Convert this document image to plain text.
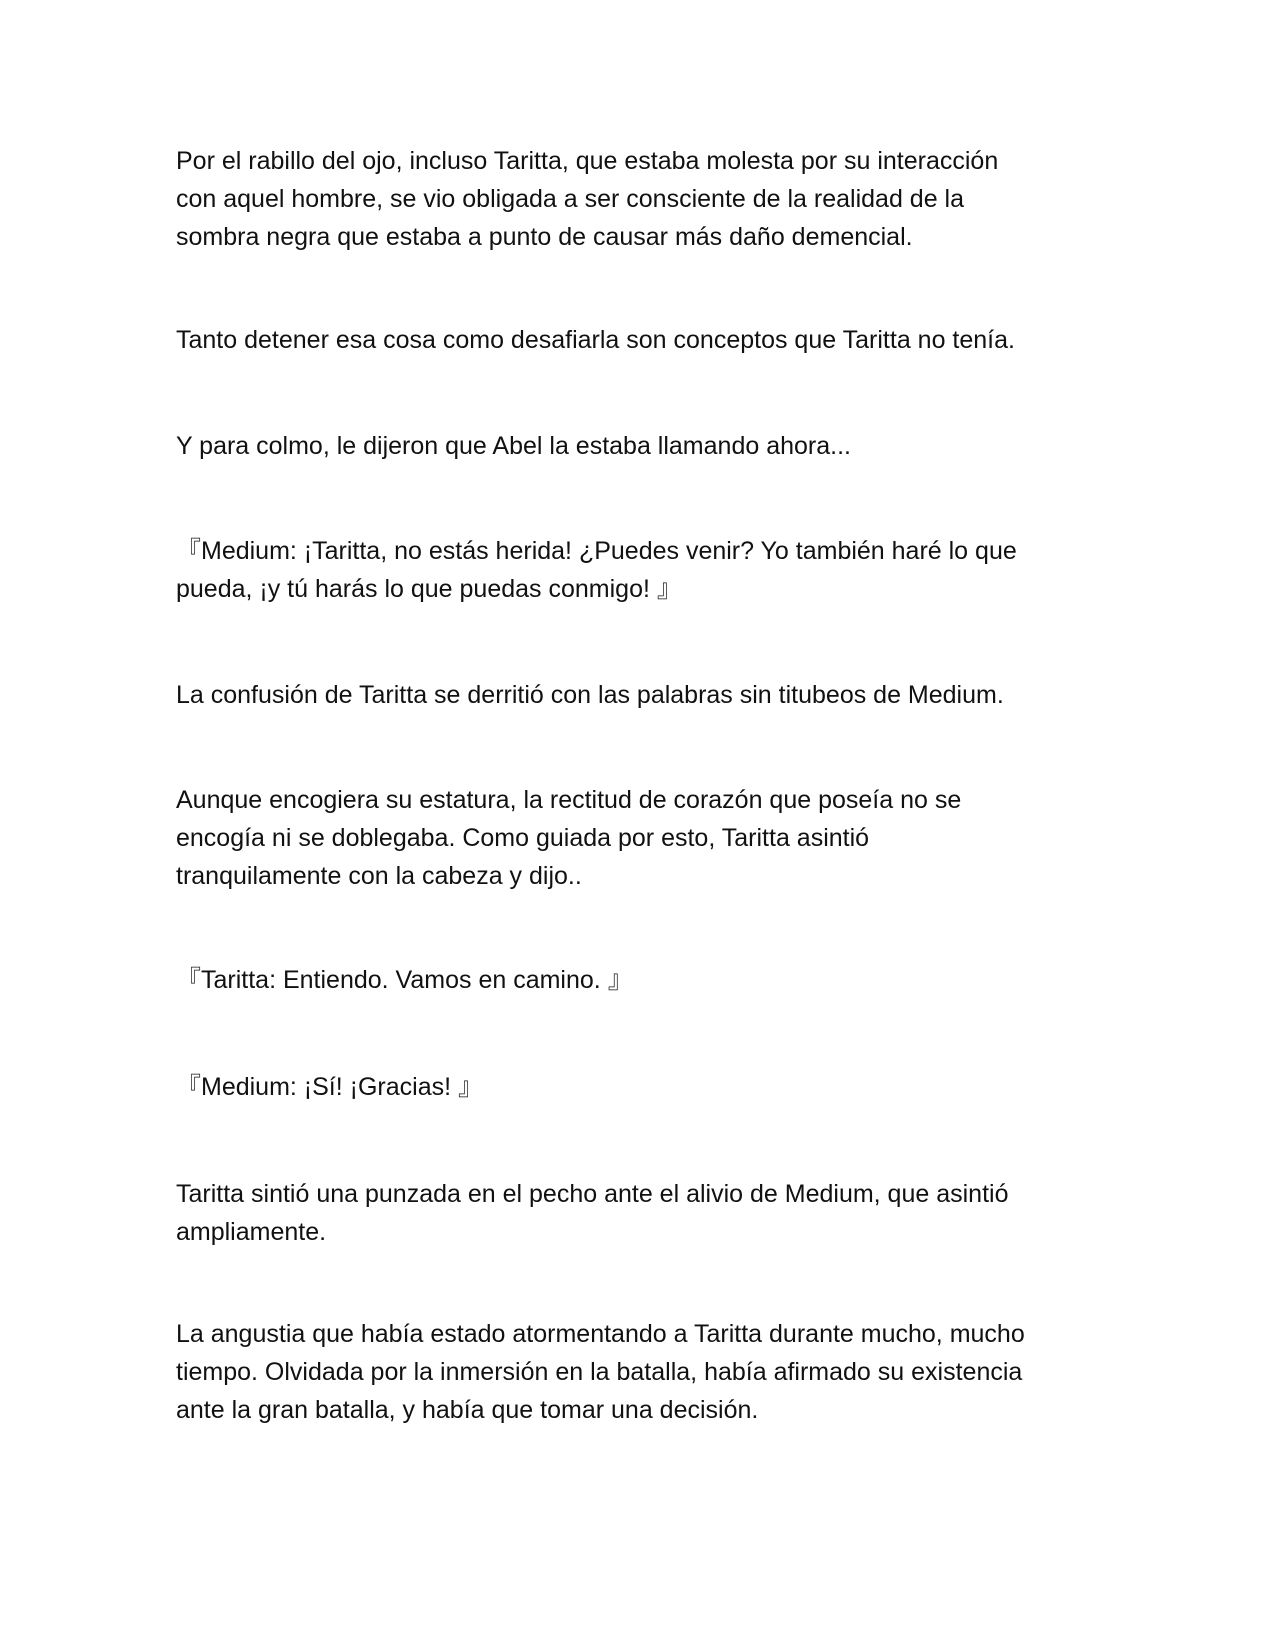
Por el rabillo del ojo, incluso Taritta, que estaba molesta por su interacción
con aquel hombre, se vio obligada a ser consciente de la realidad de la
sombra negra que estaba a punto de causar más daño demencial.

Tanto detener esa cosa como desafiarla son conceptos que Taritta no tenía.

Y para colmo, le dijeron que Abel la estaba llamando ahora...

『Medium: ¡Taritta, no estás herida! ¿Puedes venir? Yo también haré lo que
pueda, ¡y tú harás lo que puedas conmigo! 』

La confusión de Taritta se derritió con las palabras sin titubeos de Medium.

Aunque encogiera su estatura, la rectitud de corazón que poseía no se
encogía ni se doblegaba. Como guiada por esto, Taritta asintió
tranquilamente con la cabeza y dijo..

『Taritta: Entiendo. Vamos en camino. 』

『Medium: ¡Sí! ¡Gracias! 』

Taritta sintió una punzada en el pecho ante el alivio de Medium, que asintió
ampliamente.

La angustia que había estado atormentando a Taritta durante mucho, mucho
tiempo. Olvidada por la inmersión en la batalla, había afirmado su existencia
ante la gran batalla, y había que tomar una decisión.
